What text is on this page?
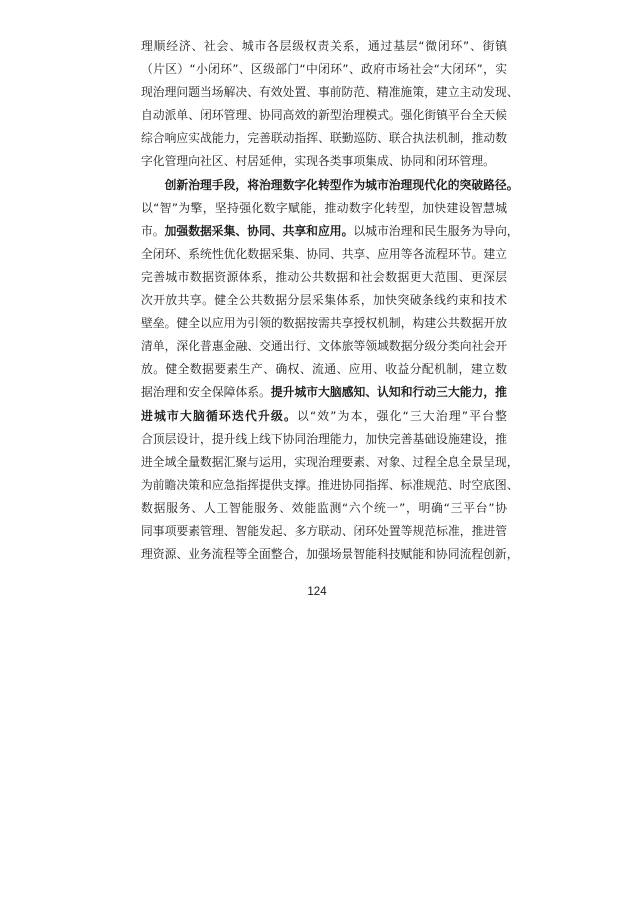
理顺经济、社会、城市各层级权责关系，通过基层“微闭环”、街镇
（片区）“小闭环”、区级部门“中闭环”、政府市场社会“大闭环”，实
现治理问题当场解决、有效处置、事前防范、精准施策，建立主动发现、
自动派单、闭环管理、协同高效的新型治理模式。强化街镇平台全天候
综合响应实战能力，完善联动指挥、联勤巡防、联合执法机制，推动数
字化管理向社区、村居延伸，实现各类事项集成、协同和闭环管理。
　　创新治理手段，将治理数字化转型作为城市治理现代化的突破路径。
以“智”为擎，坚持强化数字赋能，推动数字化转型，加快建设智慧城
市。加强数据采集、协同、共享和应用。以城市治理和民生服务为导向，
全闭环、系统性优化数据采集、协同、共享、应用等各流程环节。建立
完善城市数据资源体系，推动公共数据和社会数据更大范围、更深层
次开放共享。健全公共数据分层采集体系，加快突破条线约束和技术
壁垒。健全以应用为引领的数据按需共享授权机制，构建公共数据开放
清单，深化普惠金融、交通出行、文体旅等领域数据分级分类向社会开
放。健全数据要素生产、确权、流通、应用、收益分配机制，建立数
据治理和安全保障体系。提升城市大脑感知、认知和行动三大能力，推
进城市大脑循环迭代升级。以“效”为本，强化“三大治理”平台整
合顶层设计，提升线上线下协同治理能力，加快完善基础设施建设，推
进全域全量数据汇聚与运用，实现治理要素、对象、过程全息全景呈现，
为前瞻决策和应急指挥提供支撑。推进协同指挥、标准规范、时空底图、
数据服务、人工智能服务、效能监测“六个统一”，明确“三平台”协
同事项要素管理、智能发起、多方联动、闭环处置等规范标准，推进管
理资源、业务流程等全面整合，加强场景智能科技赋能和协同流程创新，
124
